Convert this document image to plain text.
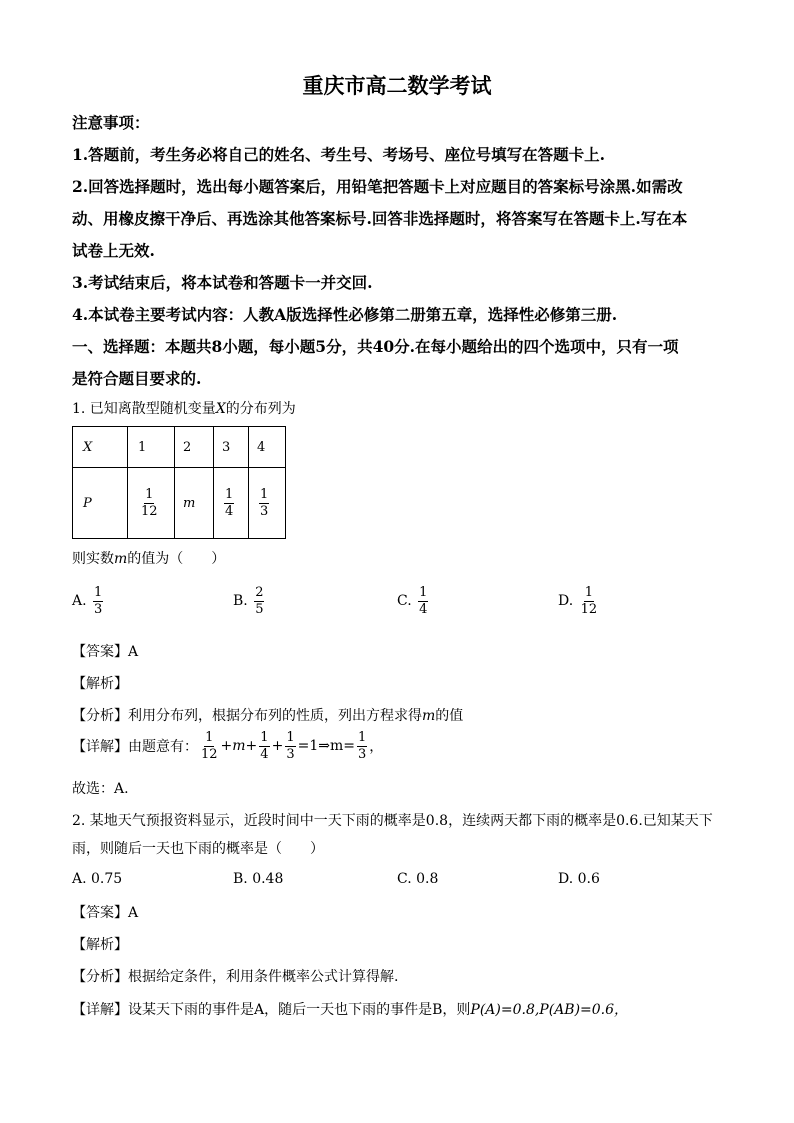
重庆市高二数学考试
注意事项：
1.答题前，考生务必将自己的姓名、考生号、考场号、座位号填写在答题卡上.
2.回答选择题时，选出每小题答案后，用铅笔把答题卡上对应题目的答案标号涂黑.如需改
动、用橡皮擦干净后、再选涂其他答案标号.回答非选择题时，将答案写在答题卡上.写在本
试卷上无效.
3.考试结束后，将本试卷和答题卡一并交回.
4.本试卷主要考试内容：人教A版选择性必修第二册第五章，选择性必修第三册.
一、选择题：本题共8小题，每小题5分，共40分.在每小题给出的四个选项中，只有一项
是符合题目要求的.
1. 已知离散型随机变量X的分布列为
X	1	2	3	4
P	$\frac{1}{12}$	m	$\frac{1}{4}$	$\frac{1}{3}$
则实数m的值为（　　）
A. $\frac{1}{3}$	B. $\frac{2}{5}$	C. $\frac{1}{4}$	D. $\frac{1}{12}$
【答案】A
【解析】
【分析】利用分布列，根据分布列的性质，列出方程求得m的值
【详解】由题意有： $\frac{1}{12} +m+ \frac{1}{4} + \frac{1}{3}$ =1⇒m= $\frac{1}{3}$ ，
故选：A.
2. 某地天气预报资料显示，近段时间中一天下雨的概率是0.8，连续两天都下雨的概率是0.6.已知某天下
雨，则随后一天也下雨的概率是（　　）
A. 0.75	B. 0.48	C. 0.8	D. 0.6
【答案】A
【解析】
【分析】根据给定条件，利用条件概率公式计算得解.
【详解】设某天下雨的事件是A，随后一天也下雨的事件是B，则P(A)=0.8,P(AB)=0.6，
